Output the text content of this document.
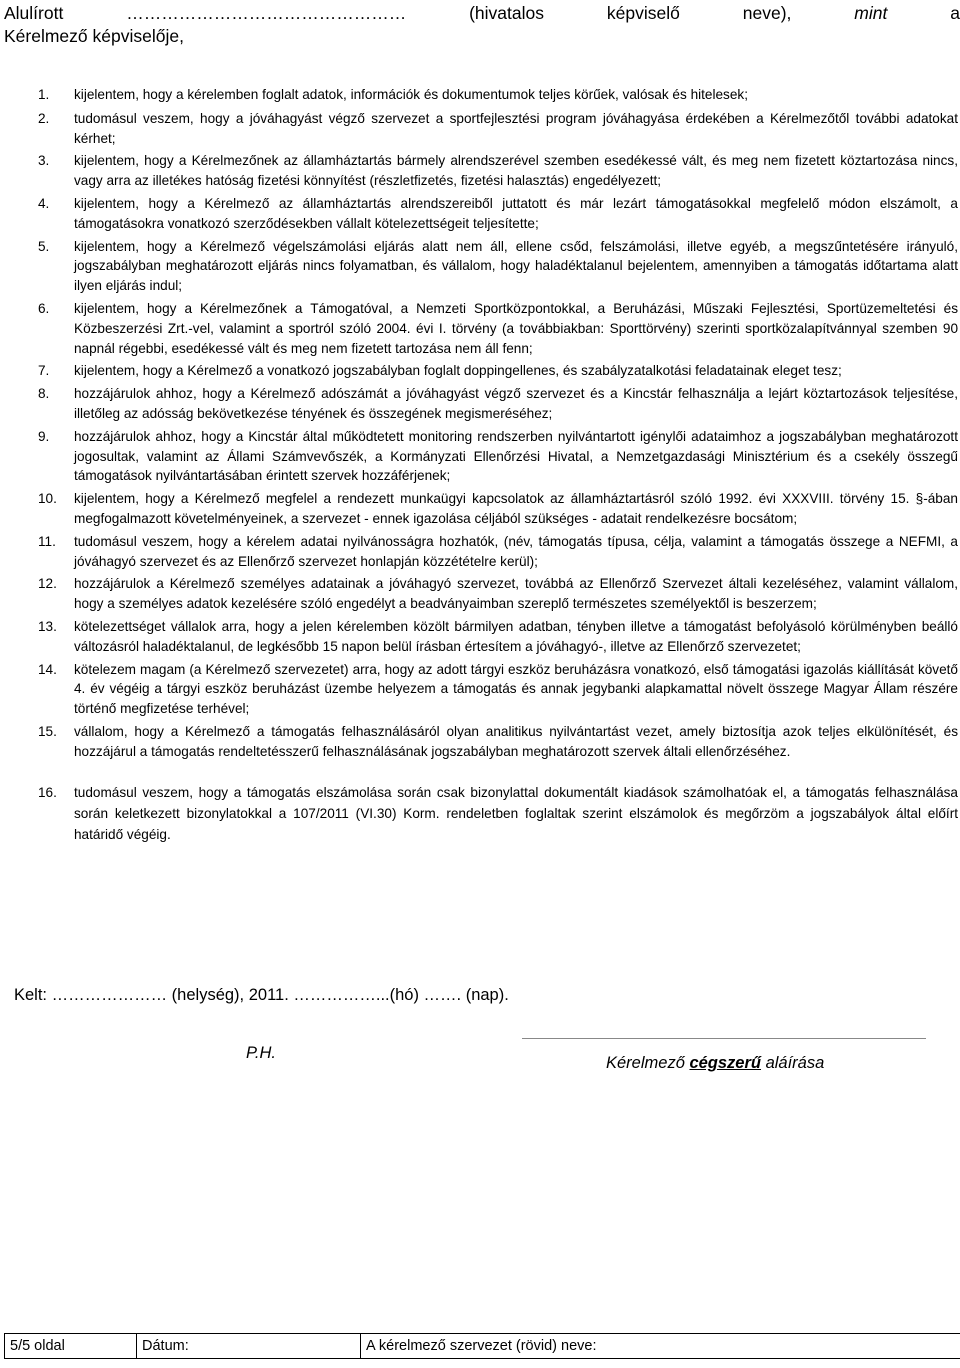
Alulírott	…………………………………………	(hivatalos	képviselő	neve),	mint	a
Kérelmező képviselője,
1. kijelentem, hogy a kérelemben foglalt adatok, információk és dokumentumok teljes körűek, valósak és hitelesek;
2. tudomásul veszem, hogy a jóváhagyást végző szervezet a sportfejlesztési program jóváhagyása érdekében a Kérelmezőtől további adatokat kérhet;
3. kijelentem, hogy a Kérelmezőnek az államháztartás bármely alrendszerével szemben esedékessé vált, és meg nem fizetett köztartozása nincs, vagy arra az illetékes hatóság fizetési könnyítést (részletfizetés, fizetési halasztás) engedélyezett;
4. kijelentem, hogy a Kérelmező az államháztartás alrendszereiből juttatott és már lezárt támogatásokkal megfelelő módon elszámolt, a támogatásokra vonatkozó szerződésekben vállalt kötelezettségeit teljesítette;
5. kijelentem, hogy a Kérelmező végelszámolási eljárás alatt nem áll, ellene csőd, felszámolási, illetve egyéb, a megszűntetésére irányuló, jogszabályban meghatározott eljárás nincs folyamatban, és vállalom, hogy haladéktalanul bejelentem, amennyiben a támogatás időtartama alatt ilyen eljárás indul;
6. kijelentem, hogy a Kérelmezőnek a Támogatóval, a Nemzeti Sportközpontokkal, a Beruházási, Műszaki Fejlesztési, Sportüzemeltetési és Közbeszerzési Zrt.-vel, valamint a sportról szóló 2004. évi I. törvény (a továbbiakban: Sporttörvény) szerinti sportközalapítvánnyal szemben 90 napnál régebbi, esedékessé vált és meg nem fizetett tartozása nem áll fenn;
7. kijelentem, hogy a Kérelmező a vonatkozó jogszabályban foglalt doppingellenes, és szabályzatalkotási feladatainak eleget tesz;
8. hozzájárulok ahhoz, hogy a Kérelmező adószámát a jóváhagyást végző szervezet és a Kincstár felhasználja a lejárt köztartozások teljesítése, illetőleg az adósság bekövetkezése tényének és összegének megismeréséhez;
9. hozzájárulok ahhoz, hogy a Kincstár által működtetett monitoring rendszerben nyilvántartott igénylői adataimhoz a jogszabályban meghatározott jogosultak, valamint az Állami Számvevőszék, a Kormányzati Ellenőrzési Hivatal, a Nemzetgazdasági Minisztérium és a csekély összegű támogatások nyilvántartásában érintett szervek hozzáférjenek;
10. kijelentem, hogy a Kérelmező megfelel a rendezett munkaügyi kapcsolatok az államháztartásról szóló 1992. évi XXXVIII. törvény 15. §-ában megfogalmazott követelményeinek, a szervezet - ennek igazolása céljából szükséges - adatait rendelkezésre bocsátom;
11. tudomásul veszem, hogy a kérelem adatai nyilvánosságra hozhatók, (név, támogatás típusa, célja, valamint a támogatás összege a NEFMI, a jóváhagyó szervezet és az Ellenőrző szervezet honlapján közzétételre kerül);
12. hozzájárulok a Kérelmező személyes adatainak a jóváhagyó szervezet, továbbá az Ellenőrző Szervezet általi kezeléséhez, valamint vállalom, hogy a személyes adatok kezelésére szóló engedélyt a beadványaimban szereplő természetes személyektől is beszerzem;
13. kötelezettséget vállalok arra, hogy a jelen kérelemben közölt bármilyen adatban, tényben illetve a támogatást befolyásoló körülményben beálló változásról haladéktalanul, de legkésőbb 15 napon belül írásban értesítem a jóváhagyó-, illetve az Ellenőrző szervezetet;
14. kötelezem magam (a Kérelmező szervezetet) arra, hogy az adott tárgyi eszköz beruházásra vonatkozó, első támogatási igazolás kiállítását követő 4. év végéig a tárgyi eszköz beruházást üzembe helyezem a támogatás és annak jegybanki alapkamattal növelt összege Magyar Állam részére történő megfizetése terhével;
15. vállalom, hogy a Kérelmező a támogatás felhasználásáról olyan analitikus nyilvántartást vezet, amely biztosítja azok teljes elkülönítését, és hozzájárul a támogatás rendeltetésszerű felhasználásának jogszabályban meghatározott szervek általi ellenőrzéséhez.
16. tudomásul veszem, hogy a támogatás elszámolása során csak bizonylattal dokumentált kiadások számolhatóak el, a támogatás felhasználása során keletkezett bizonylatokkal a 107/2011 (VI.30) Korm. rendeletben foglaltak szerint elszámolok és megőrzöm a jogszabályok által előírt határidő végéig.
Kelt: ………………… (helység), 2011. ……………...(hó) ……. (nap).
P.H.
Kérelmező cégszerű aláírása
5/5 oldal	Dátum:	A kérelmező szervezet (rövid) neve:
